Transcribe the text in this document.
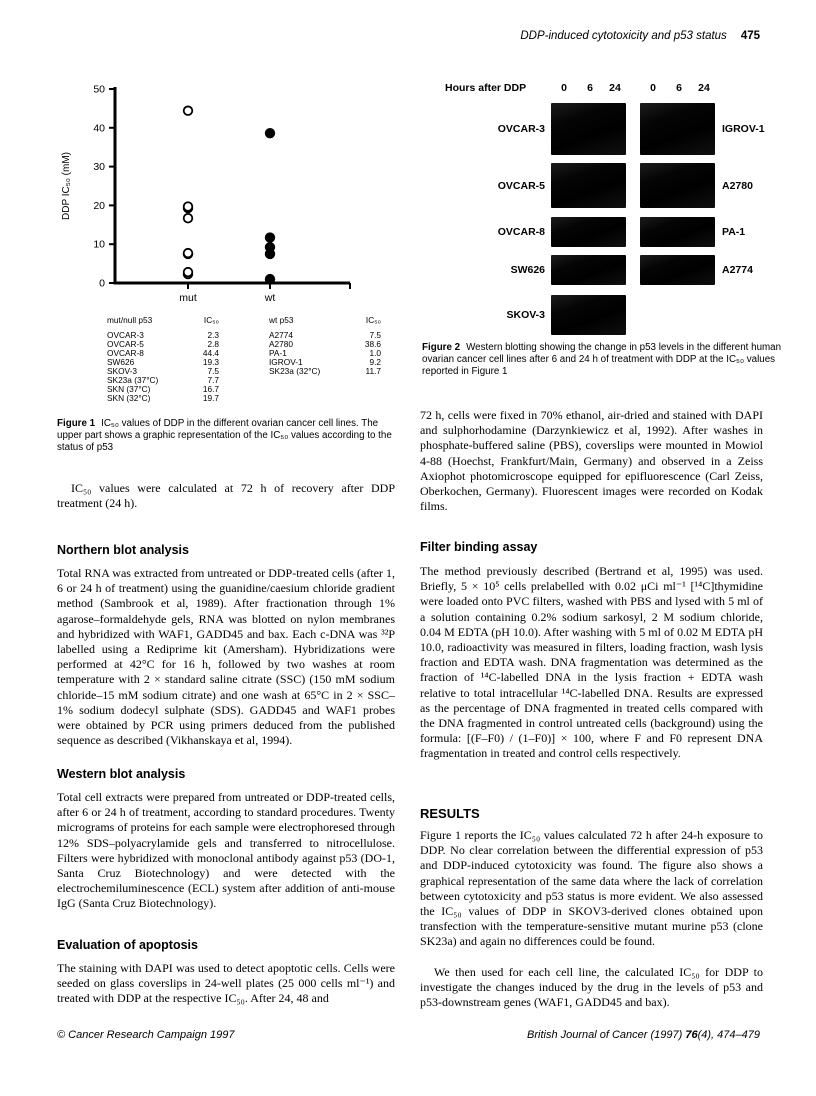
DDP-induced cytotoxicity and p53 status 475
0
10
20
30
40
50
mut	wt
DDP IC₅₀ (mM)
mut/null p53	IC₅₀
OVCAR-3	2.3
OVCAR-5	2.8
OVCAR-8	44.4
SW626	19.3
SKOV-3	7.5
SK23a (37°C)	7.7
SKN (37°C)	16.7
SKN (32°C)	19.7
wt p53	IC₅₀
A2774	7.5
A2780	38.6
PA-1	1.0
IGROV-1	9.2
SK23a (32°C)	11.7
Figure 1 IC₅₀ values of DDP in the different ovarian cancer cell lines. The upper part shows a graphic representation of the IC₅₀ values according to the status of p53
Hours after DDP	0 6 24	0 6 24
OVCAR-3
OVCAR-5
OVCAR-8
SW626
SKOV-3
IGROV-1
A2780
PA-1
A2774
Figure 2 Western blotting showing the change in p53 levels in the different human ovarian cancer cell lines after 6 and 24 h of treatment with DDP at the IC₅₀ values reported in Figure 1

IC₅₀ values were calculated at 72 h of recovery after DDP treatment (24 h).

Northern blot analysis

Total RNA was extracted from untreated or DDP-treated cells (after 1, 6 or 24 h of treatment) using the guanidine/caesium chloride gradient method (Sambrook et al, 1989). After fractionation through 1% agarose–formaldehyde gels, RNA was blotted on nylon membranes and hybridized with WAF1, GADD45 and bax. Each c-DNA was ³²P labelled using a Rediprime kit (Amersham). Hybridizations were performed at 42°C for 16 h, followed by two washes at room temperature with 2 × standard saline citrate (SSC) (150 mM sodium chloride–15 mM sodium citrate) and one wash at 65°C in 2 × SSC–1% sodium dodecyl sulphate (SDS). GADD45 and WAF1 probes were obtained by PCR using primers deduced from the published sequence as described (Vikhanskaya et al, 1994).

Western blot analysis

Total cell extracts were prepared from untreated or DDP-treated cells, after 6 or 24 h of treatment, according to standard procedures. Twenty micrograms of proteins for each sample were electrophoresed through 12% SDS–polyacrylamide gels and transferred to nitrocellulose. Filters were hybridized with monoclonal antibody against p53 (DO-1, Santa Cruz Biotechnology) and were detected with the electrochemiluminescence (ECL) system after addition of anti-mouse IgG (Santa Cruz Biotechnology).

Evaluation of apoptosis

The staining with DAPI was used to detect apoptotic cells. Cells were seeded on glass coverslips in 24-well plates (25 000 cells ml⁻¹) and treated with DDP at the respective IC₅₀. After 24, 48 and

72 h, cells were fixed in 70% ethanol, air-dried and stained with DAPI and sulphorhodamine (Darzynkiewicz et al, 1992). After washes in phosphate-buffered saline (PBS), coverslips were mounted in Mowiol 4-88 (Hoechst, Frankfurt/Main, Germany) and observed in a Zeiss Axiophot photomicroscope equipped for epifluorescence (Carl Zeiss, Oberkochen, Germany). Fluorescent images were recorded on Kodak films.

Filter binding assay

The method previously described (Bertrand et al, 1995) was used. Briefly, 5 × 10⁵ cells prelabelled with 0.02 μCi ml⁻¹ [¹⁴C]thymidine were loaded onto PVC filters, washed with PBS and lysed with 5 ml of a solution containing 0.2% sodium sarkosyl, 2 M sodium chloride, 0.04 M EDTA (pH 10.0). After washing with 5 ml of 0.02 M EDTA pH 10.0, radioactivity was measured in filters, loading fraction, wash lysis fraction and EDTA wash. DNA fragmentation was determined as the fraction of ¹⁴C-labelled DNA in the lysis fraction + EDTA wash relative to total intracellular ¹⁴C-labelled DNA. Results are expressed as the percentage of DNA fragmented in treated cells compared with the DNA fragmented in control untreated cells (background) using the formula: [(F–F0) / (1–F0)] × 100, where F and F0 represent DNA fragmentation in treated and control cells respectively.

RESULTS

Figure 1 reports the IC₅₀ values calculated 72 h after 24-h exposure to DDP. No clear correlation between the differential expression of p53 and DDP-induced cytotoxicity was found. The figure also shows a graphical representation of the same data where the lack of correlation between cytotoxicity and p53 status is more evident. We also assessed the IC₅₀ values of DDP in SKOV3-derived clones obtained upon transfection with the temperature-sensitive mutant murine p53 (clone SK23a) and again no differences could be found.

We then used for each cell line, the calculated IC₅₀ for DDP to investigate the changes induced by the drug in the levels of p53 and p53-downstream genes (WAF1, GADD45 and bax).

© Cancer Research Campaign 1997	British Journal of Cancer (1997) 76(4), 474–479
